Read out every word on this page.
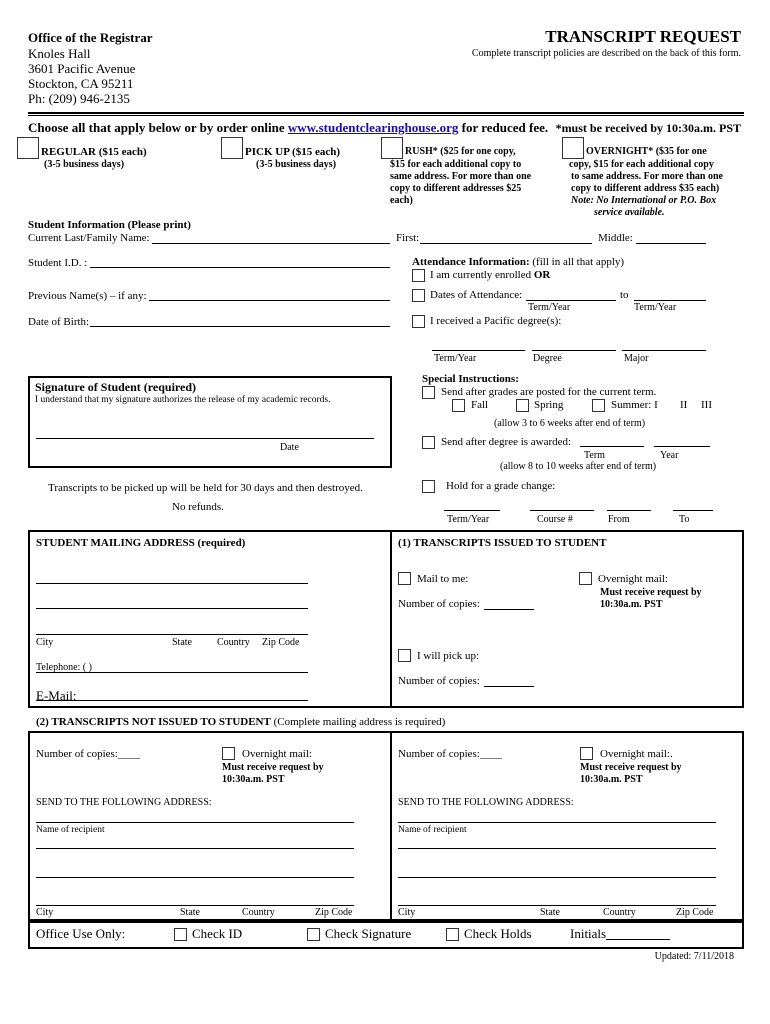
Office of the Registrar
Knoles Hall
3601 Pacific Avenue
Stockton, CA 95211
Ph: (209) 946-2135
TRANSCRIPT REQUEST
Complete transcript policies are described on the back of this form.
Choose all that apply below or by order online www.studentclearinghouse.org for reduced fee. *must be received by 10:30a.m. PST
REGULAR ($15 each)
(3-5 business days)
PICK UP ($15 each)
(3-5 business days)
RUSH* ($25 for one copy,
$15 for each additional copy to
same address. For more than one
copy to different addresses $25
each)
OVERNIGHT* ($35 for one
copy, $15 for each additional copy
to same address. For more than one
copy to different address $35 each)
Note: No International or P.O. Box
service available.
Student Information (Please print)
Current Last/Family Name:	First:	Middle:
Student I.D. :
Previous Name(s) – if any:
Date of Birth:
Attendance Information: (fill in all that apply)
I am currently enrolled OR
Dates of Attendance:	to
Term/Year	Term/Year
I received a Pacific degree(s):
Term/Year	Degree	Major
Signature of Student (required)
I understand that my signature authorizes the release of my academic records.
Date
Transcripts to be picked up will be held for 30 days and then destroyed.
No refunds.
Special Instructions:
Send after grades are posted for the current term.
Fall	Spring	Summer: I II III
(allow 3 to 6 weeks after end of term)
Send after degree is awarded:
Term	Year
(allow 8 to 10 weeks after end of term)
Hold for a grade change:
Term/Year	Course #	From	To
STUDENT MAILING ADDRESS (required)
City	State	Country Zip Code
Telephone: ( )
E-Mail:
(1) TRANSCRIPTS ISSUED TO STUDENT
Mail to me:	Overnight mail:
Must receive request by
10:30a.m. PST
Number of copies:
I will pick up:
Number of copies:
(2) TRANSCRIPTS NOT ISSUED TO STUDENT (Complete mailing address is required)
Number of copies:____	Overnight mail:
Must receive request by
10:30a.m. PST
SEND TO THE FOLLOWING ADDRESS:
Name of recipient
City	State	Country	Zip Code
Number of copies:____	Overnight mail:.
Must receive request by
10:30a.m. PST
SEND TO THE FOLLOWING ADDRESS:
Name of recipient
City	State	Country	Zip Code
Office Use Only:	Check ID	Check Signature	Check Holds	Initials
Updated: 7/11/2018
